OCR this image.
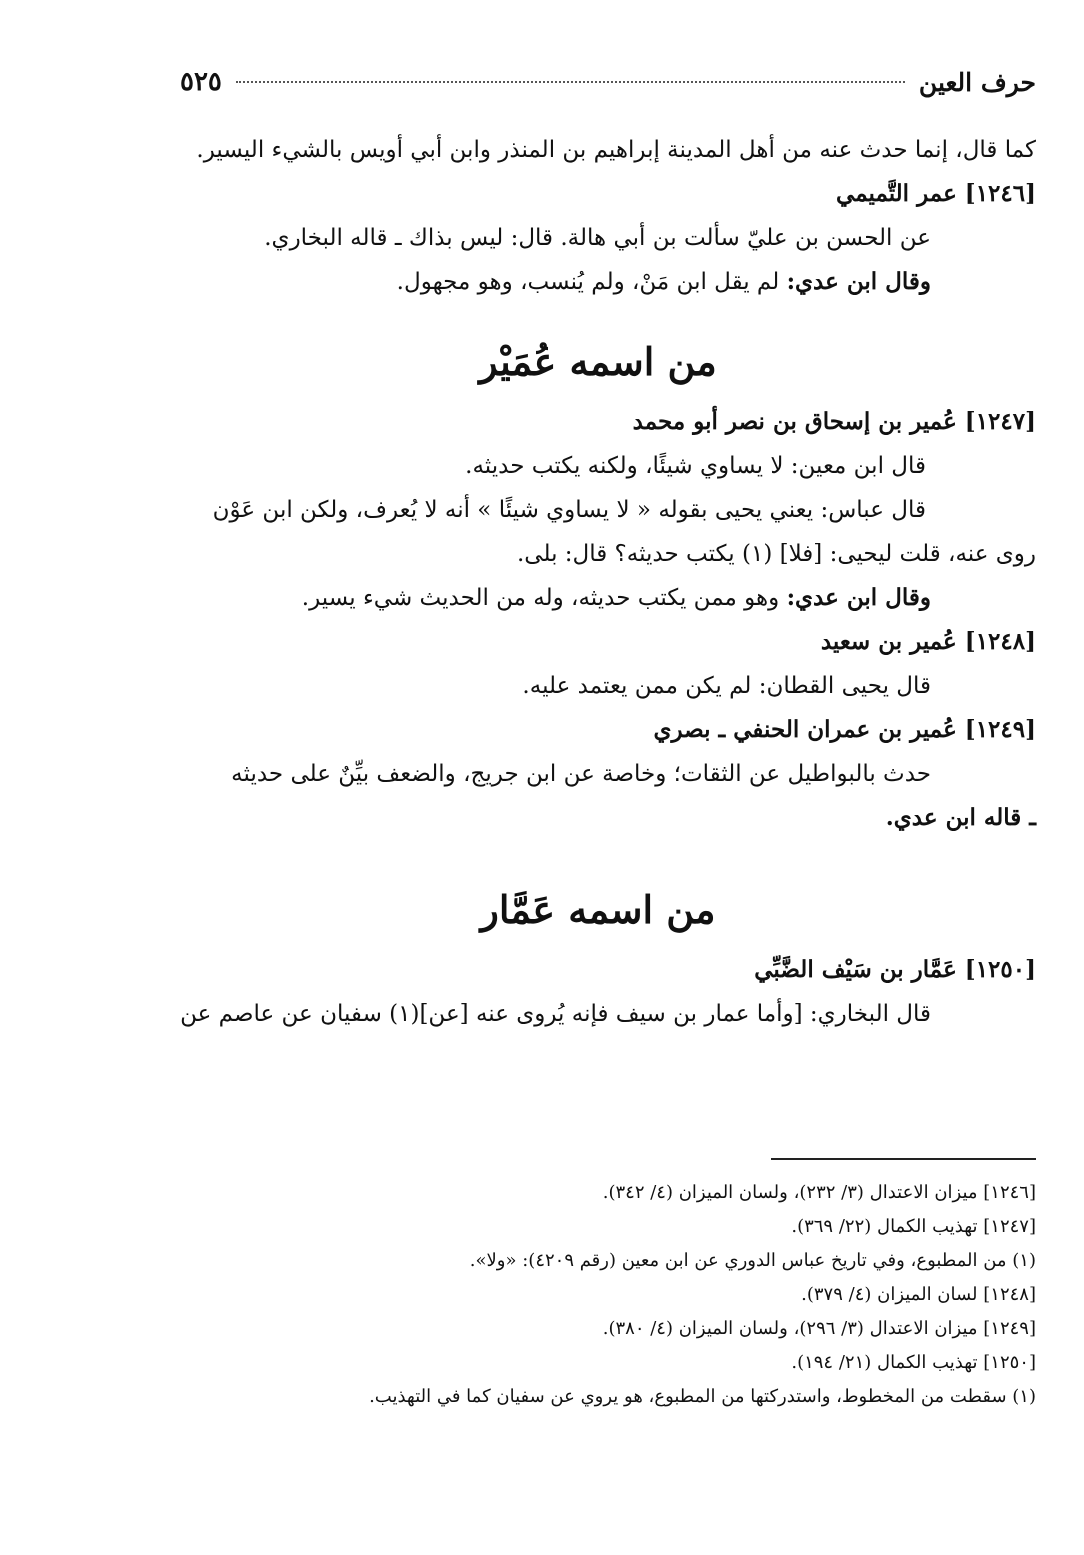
حرف العين
٥٢٥

كما قال، إنما حدث عنه من أهل المدينة إبراهيم بن المنذر وابن أبي أويس بالشيء اليسير.

[١٢٤٦] عمر التَّميمي

عن الحسن بن عليّ سألت بن أبي هالة. قال: ليس بذاك ـ قاله البخاري.

وقال ابن عدي: لم يقل ابن مَنْ، ولم يُنسب، وهو مجهول.

من اسمه عُمَيْر

[١٢٤٧] عُمير بن إسحاق بن نصر أبو محمد

قال ابن معين: لا يساوي شيئًا، ولكنه يكتب حديثه.

قال عباس: يعني يحيى بقوله « لا يساوي شيئًا » أنه لا يُعرف، ولكن ابن عَوْن

روى عنه، قلت ليحيى: [فلا] (١) يكتب حديثه؟ قال: بلى.

وقال ابن عدي: وهو ممن يكتب حديثه، وله من الحديث شيء يسير.

[١٢٤٨] عُمير بن سعيد

قال يحيى القطان: لم يكن ممن يعتمد عليه.

[١٢٤٩] عُمير بن عمران الحنفي ـ بصري

حدث بالبواطيل عن الثقات؛ وخاصة عن ابن جريج، والضعف بيِّنٌ على حديثه

ـ قاله ابن عدي.

من اسمه عَمَّار

[١٢٥٠] عَمَّار بن سَيْف الضَّبِّي

قال البخاري: [وأما عمار بن سيف فإنه يُروى عنه [عن](١) سفيان عن عاصم عن

[١٢٤٦] ميزان الاعتدال (٣/ ٢٣٢)، ولسان الميزان (٤/ ٣٤٢).

[١٢٤٧] تهذيب الكمال (٢٢/ ٣٦٩).

(١) من المطبوع، وفي تاريخ عباس الدوري عن ابن معين (رقم ٤٢٠٩): «ولا».

[١٢٤٨] لسان الميزان (٤/ ٣٧٩).

[١٢٤٩] ميزان الاعتدال (٣/ ٢٩٦)، ولسان الميزان (٤/ ٣٨٠).

[١٢٥٠] تهذيب الكمال (٢١/ ١٩٤).

(١) سقطت من المخطوط، واستدركتها من المطبوع، هو يروي عن سفيان كما في التهذيب.
